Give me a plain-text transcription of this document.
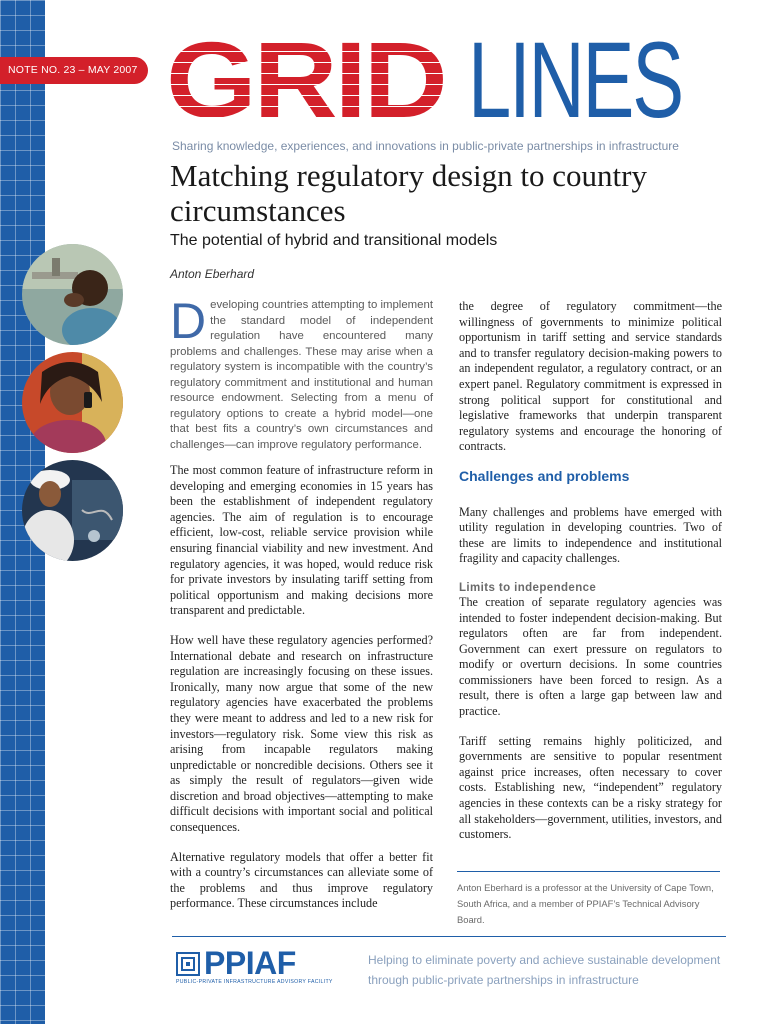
NOTE NO. 23 – MAY 2007 GRID LINES
Sharing knowledge, experiences, and innovations in public-private partnerships in infrastructure
Matching regulatory design to country circumstances
The potential of hybrid and transitional models
Anton Eberhard
D eveloping countries attempting to implement the standard model of independent regulation have encountered many problems and challenges. These may arise when a regulatory system is incompatible with the country’s regulatory commitment and institutional and human resource endowment. Selecting from a menu of regulatory options to create a hybrid model—one that best fits a country’s own circumstances and challenges—can improve regulatory performance.

The most common feature of infrastructure reform in developing and emerging economies in 15 years has been the establishment of independent regulatory agencies. The aim of regulation is to encourage efficient, low-cost, reliable service provision while ensuring financial viability and new investment. And regulatory agencies, it was hoped, would reduce risk for private investors by insulating tariff setting from political opportunism and making decisions more transparent and predictable.

How well have these regulatory agencies performed? International debate and research on infrastructure regulation are increasingly focusing on these issues. Ironically, many now argue that some of the new regulatory agencies have exacerbated the problems they were meant to address and led to a new risk for investors—regulatory risk. Some view this risk as arising from incapable regulators making unpredictable or noncredible decisions. Others see it as simply the result of regulators—given wide discretion and broad objectives—attempting to make difficult decisions with important social and political consequences.

Alternative regulatory models that offer a better fit with a country’s circumstances can alleviate some of the problems and thus improve regulatory performance. These circumstances include

the degree of regulatory commitment—the willingness of governments to minimize political opportunism in tariff setting and service standards and to transfer regulatory decision-making powers to an independent regulator, a regulatory contract, or an expert panel. Regulatory commitment is expressed in strong political support for constitutional and legislative frameworks that underpin transparent regulatory systems and encourage the honoring of contracts.

Challenges and problems

Many challenges and problems have emerged with utility regulation in developing countries. Two of these are limits to independence and institutional fragility and capacity challenges.

Limits to independence

The creation of separate regulatory agencies was intended to foster independent decision-making. But regulators often are far from independent. Government can exert pressure on regulators to modify or overturn decisions. In some countries commissioners have been forced to resign. As a result, there is often a large gap between law and practice.

Tariff setting remains highly politicized, and governments are sensitive to popular resentment against price increases, often necessary to cover costs. Establishing new, “independent” regulatory agencies in these contexts can be a risky strategy for all stakeholders—government, utilities, investors, and customers.

Anton Eberhard is a professor at the University of Cape Town, South Africa, and a member of PPIAF’s Technical Advisory Board.
PPIAF
PUBLIC-PRIVATE INFRASTRUCTURE ADVISORY FACILITY
Helping to eliminate poverty and achieve sustainable development through public-private partnerships in infrastructure
